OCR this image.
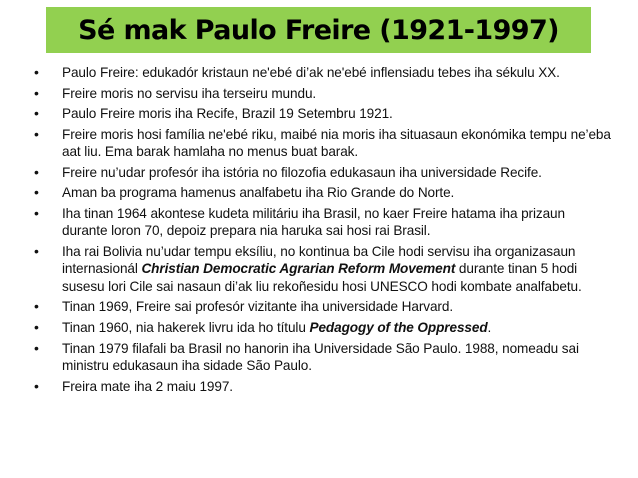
Sé mak Paulo Freire (1921-1997)
• Paulo Freire: edukadór kristaun ne'ebé di’ak ne'ebé inflensiadu tebes iha sékulu XX.
• Freire moris no servisu iha terseiru mundu.
• Paulo Freire moris iha Recife, Brazil 19 Setembru 1921.
• Freire moris hosi família ne'ebé riku, maibé nia moris iha situasaun ekonómika tempu ne’eba aat liu. Ema barak hamlaha no menus buat barak.
• Freire nu’udar profesór iha istória no filozofia edukasaun iha universidade Recife.
• Aman ba programa hamenus analfabetu iha Rio Grande do Norte.
• Iha tinan 1964 akontese kudeta militáriu iha Brasil, no kaer Freire hatama iha prizaun durante loron 70, depoiz prepara nia haruka sai hosi rai Brasil.
• Iha rai Bolivia nu’udar tempu eksíliu, no kontinua ba Cile hodi servisu iha organizasaun internasionál Christian Democratic Agrarian Reform Movement durante tinan 5 hodi susesu lori Cile sai nasaun di’ak liu rekoñesidu hosi UNESCO hodi kombate analfabetu.
• Tinan 1969, Freire sai profesór vizitante iha universidade Harvard.
• Tinan 1960, nia hakerek livru ida ho títulu Pedagogy of the Oppressed.
• Tinan 1979 filafali ba Brasil no hanorin iha Universidade São Paulo. 1988, nomeadu sai ministru edukasaun iha sidade São Paulo.
• Freira mate iha 2 maiu 1997.
